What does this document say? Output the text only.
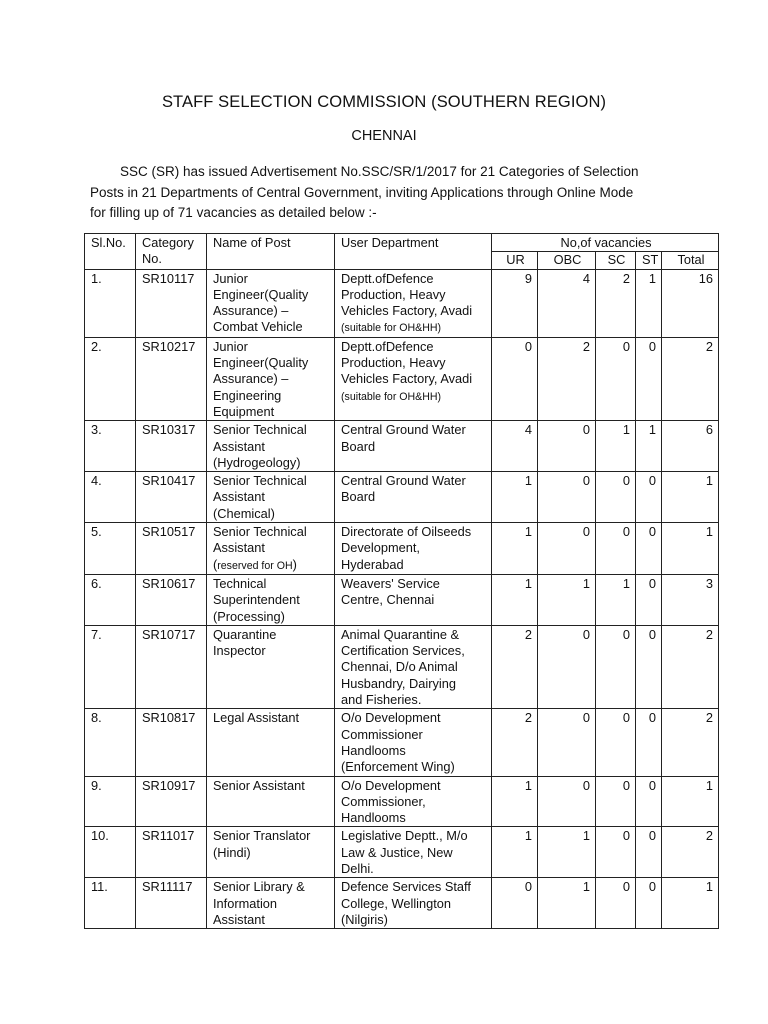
STAFF SELECTION COMMISSION (SOUTHERN REGION)
CHENNAI

SSC (SR) has issued Advertisement No.SSC/SR/1/2017 for 21 Categories of Selection

Posts in 21 Departments of Central Government, inviting Applications through Online Mode

for filling up of 71 vacancies as detailed below :-

Sl.No.	Category
No.	Name of Post	User Department	No,of vacancies				
				UR	OBC	SC	ST	Total
1.	SR10117	Junior
Engineer(Quality
Assurance) –
Combat Vehicle	Deptt.ofDefence
Production, Heavy
Vehicles Factory, Avadi
(suitable for OH&HH)	9	4	2	1	16
2.	SR10217	Junior
Engineer(Quality
Assurance) –
Engineering
Equipment	Deptt.ofDefence
Production, Heavy
Vehicles Factory, Avadi
(suitable for OH&HH)	0	2	0	0	2
3.	SR10317	Senior Technical
Assistant
(Hydrogeology)	Central Ground Water
Board	4	0	1	1	6
4.	SR10417	Senior Technical
Assistant
(Chemical)	Central Ground Water
Board	1	0	0	0	1
5.	SR10517	Senior Technical
Assistant
(reserved for OH)	Directorate of Oilseeds
Development,
Hyderabad	1	0	0	0	1
6.	SR10617	Technical
Superintendent
(Processing)	Weavers' Service
Centre, Chennai	1	1	1	0	3
7.	SR10717	Quarantine
Inspector	Animal Quarantine &
Certification Services,
Chennai, D/o Animal
Husbandry, Dairying
and Fisheries.	2	0	0	0	2
8.	SR10817	Legal Assistant	O/o Development
Commissioner
Handlooms
(Enforcement Wing)	2	0	0	0	2
9.	SR10917	Senior Assistant	O/o Development
Commissioner,
Handlooms	1	0	0	0	1
10.	SR11017	Senior Translator
(Hindi)	Legislative Deptt., M/o
Law & Justice, New
Delhi.	1	1	0	0	2
11.	SR11117	Senior Library &
Information
Assistant	Defence Services Staff
College, Wellington
(Nilgiris)	0	1	0	0	1
